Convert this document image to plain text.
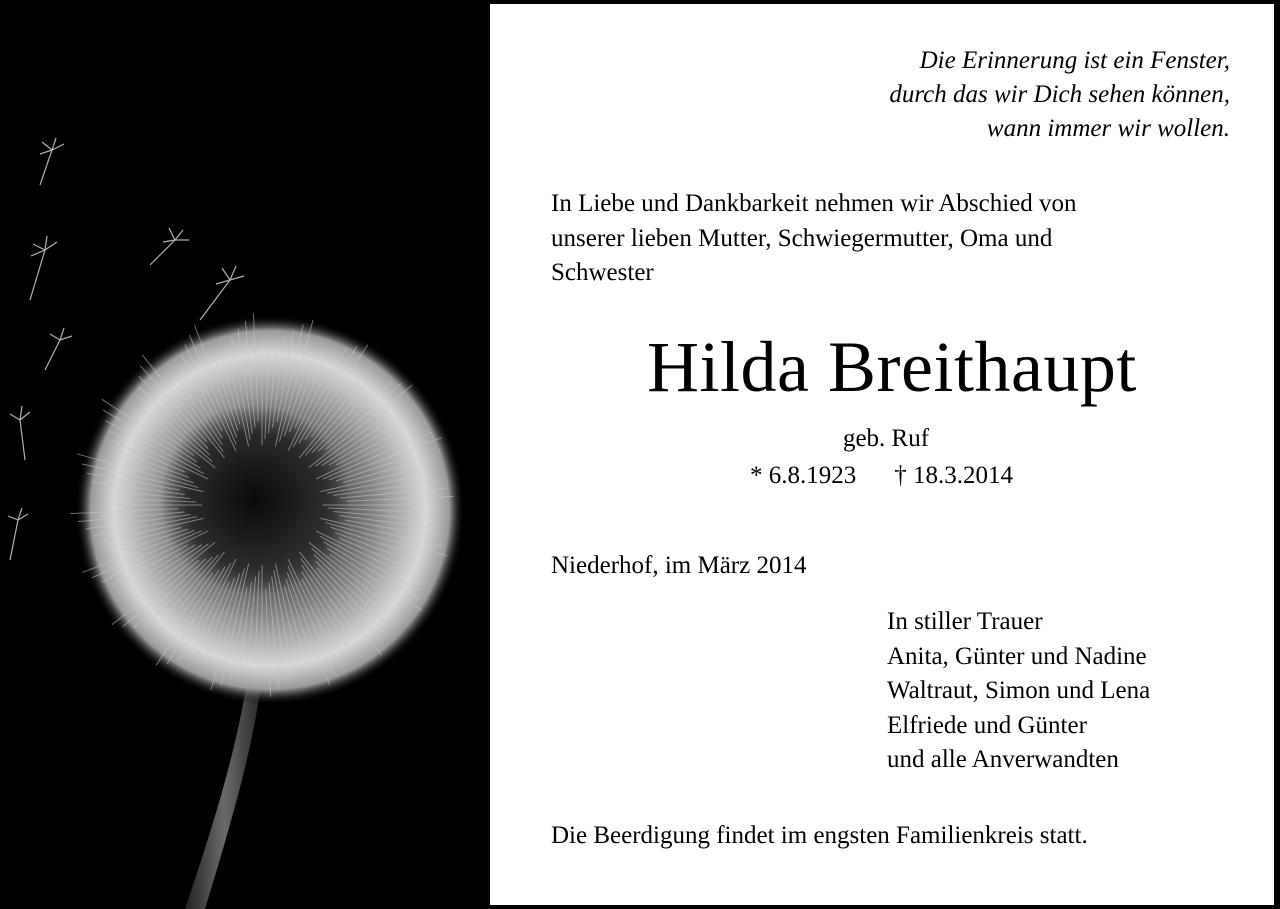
Die Erinnerung ist ein Fenster,
durch das wir Dich sehen können,
wann immer wir wollen.

In Liebe und Dankbarkeit nehmen wir Abschied von
unserer lieben Mutter, Schwiegermutter, Oma und
Schwester

Hilda Breithaupt
geb. Ruf
* 6.8.1923 † 18.3.2014
Niederhof, im März 2014

In stiller Trauer
Anita, Günter und Nadine
Waltraut, Simon und Lena
Elfriede und Günter
und alle Anverwandten

Die Beerdigung findet im engsten Familienkreis statt.
